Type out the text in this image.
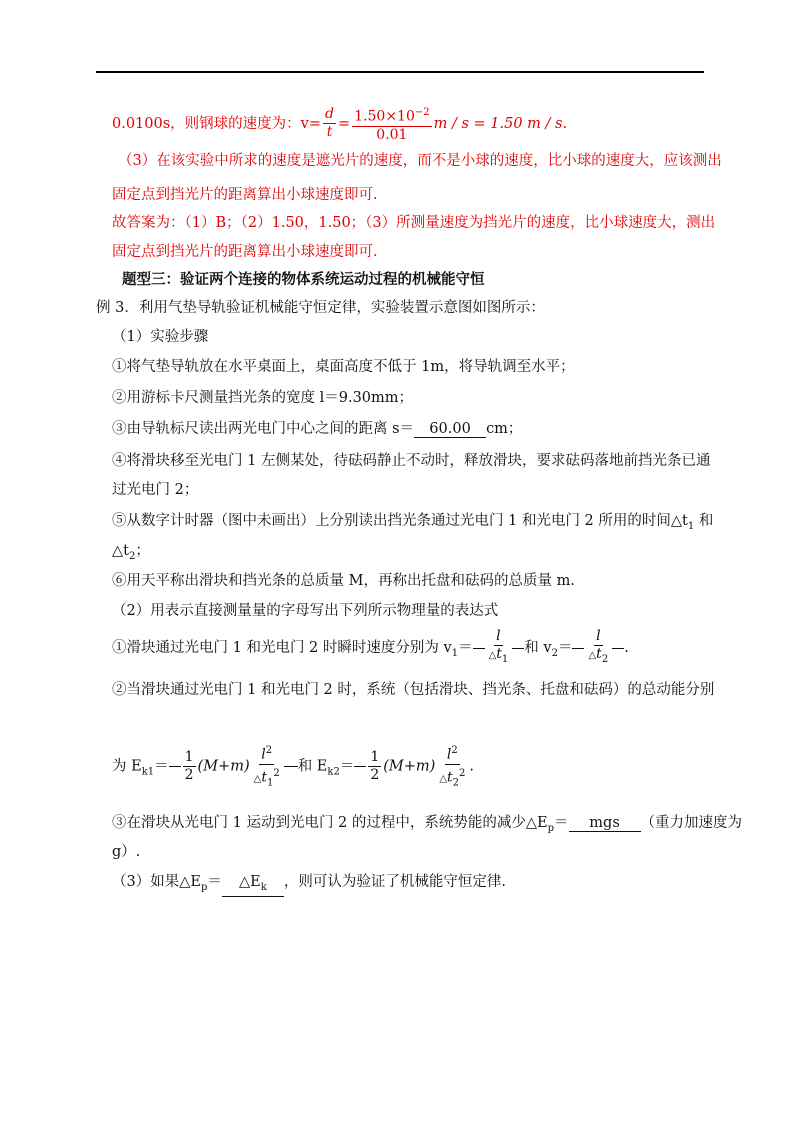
0.0100s，则钢球的速度为：$v= \frac{d}{t} = \frac{1.50\times 10^{-2}}{0.01}$ m / s = 1.50 m / s.
（3）在该实验中所求的速度是遮光片的速度，而不是小球的速度，比小球的速度大，应该测出
固定点到挡光片的距离算出小球速度即可.
故答案为：（1）B；（2）1.50，1.50；（3）所测量速度为挡光片的速度，比小球速度大，测出
固定点到挡光片的距离算出小球速度即可.
题型三：验证两个连接的物体系统运动过程的机械能守恒
例 3．利用气垫导轨验证机械能守恒定律，实验装置示意图如图所示：
（1）实验步骤
①将气垫导轨放在水平桌面上，桌面高度不低于 1m，将导轨调至水平；
②用游标卡尺测量挡光条的宽度 l＝9.30mm；
③由导轨标尺读出两光电门中心之间的距离 s＝ 60.00 cm；
④将滑块移至光电门 1 左侧某处，待砝码静止不动时，释放滑块，要求砝码落地前挡光条已通
过光电门 2；
⑤从数字计时器（图中未画出）上分别读出挡光条通过光电门 1 和光电门 2 所用的时间$\triangle t_1$ 和
$\triangle t_2$；
⑥用天平称出滑块和挡光条的总质量 M，再称出托盘和砝码的总质量 m.
（2）用表示直接测量量的字母写出下列所示物理量的表达式
①滑块通过光电门 1 和光电门 2 时瞬时速度分别为 $v_1= \frac{l}{\triangle t_1}$ 和 $v_2= \frac{l}{\triangle t_2}$ .
②当滑块通过光电门 1 和光电门 2 时，系统（包括滑块、挡光条、托盘和砝码）的总动能分别
为 $E_{k1}= \frac{1}{2} (M+m) \frac{l^2}{\triangle t_1^2}$ 和 $E_{k2}= \frac{1}{2} (M+m) \frac{l^2}{\triangle t_2^2}$ .
③在滑块从光电门 1 运动到光电门 2 的过程中，系统势能的减少$\triangle E_p=$ mgs （重力加速度为
g）.
（3）如果$\triangle E_p=$ $\triangle E_k$ ，则可认为验证了机械能守恒定律.
